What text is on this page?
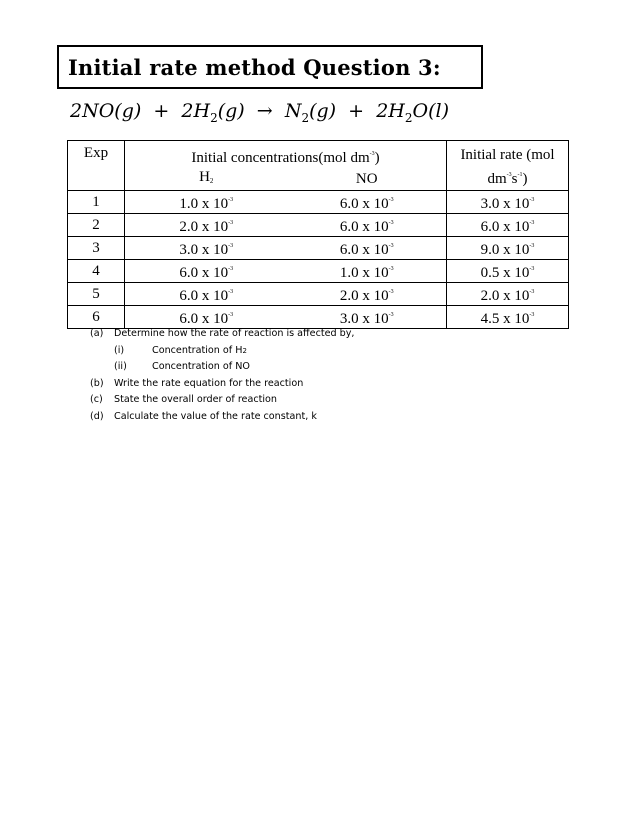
Initial rate method Question 3:
$2NO(g) + 2H_2(g) \to N_2(g) + 2H_2O(l)$
Exp	Initial concentrations(mol $dm^{-3}$)		Initial rate (mol
$dm^{-3}s^{-1}$)
	$H_2$	NO	
1	1.0 x $10^{-3}$	6.0 x $10^{-3}$	3.0 x $10^{-3}$
2	2.0 x $10^{-3}$	6.0 x $10^{-3}$	6.0 x $10^{-3}$
3	3.0 x $10^{-3}$	6.0 x $10^{-3}$	9.0 x $10^{-3}$
4	6.0 x $10^{-3}$	1.0 x $10^{-3}$	0.5 x $10^{-3}$
5	6.0 x $10^{-3}$	2.0 x $10^{-3}$	2.0 x $10^{-3}$
6	6.0 x $10^{-3}$	3.0 x $10^{-3}$	4.5 x $10^{-3}$
(a)	Determine how the rate of reaction is affected by,
(i)	Concentration of H 2
(ii)	Concentration of NO
(b)	Write the rate equation for the reaction
(c)	State the overall order of reaction
(d)	Calculate the value of the rate constant, k
